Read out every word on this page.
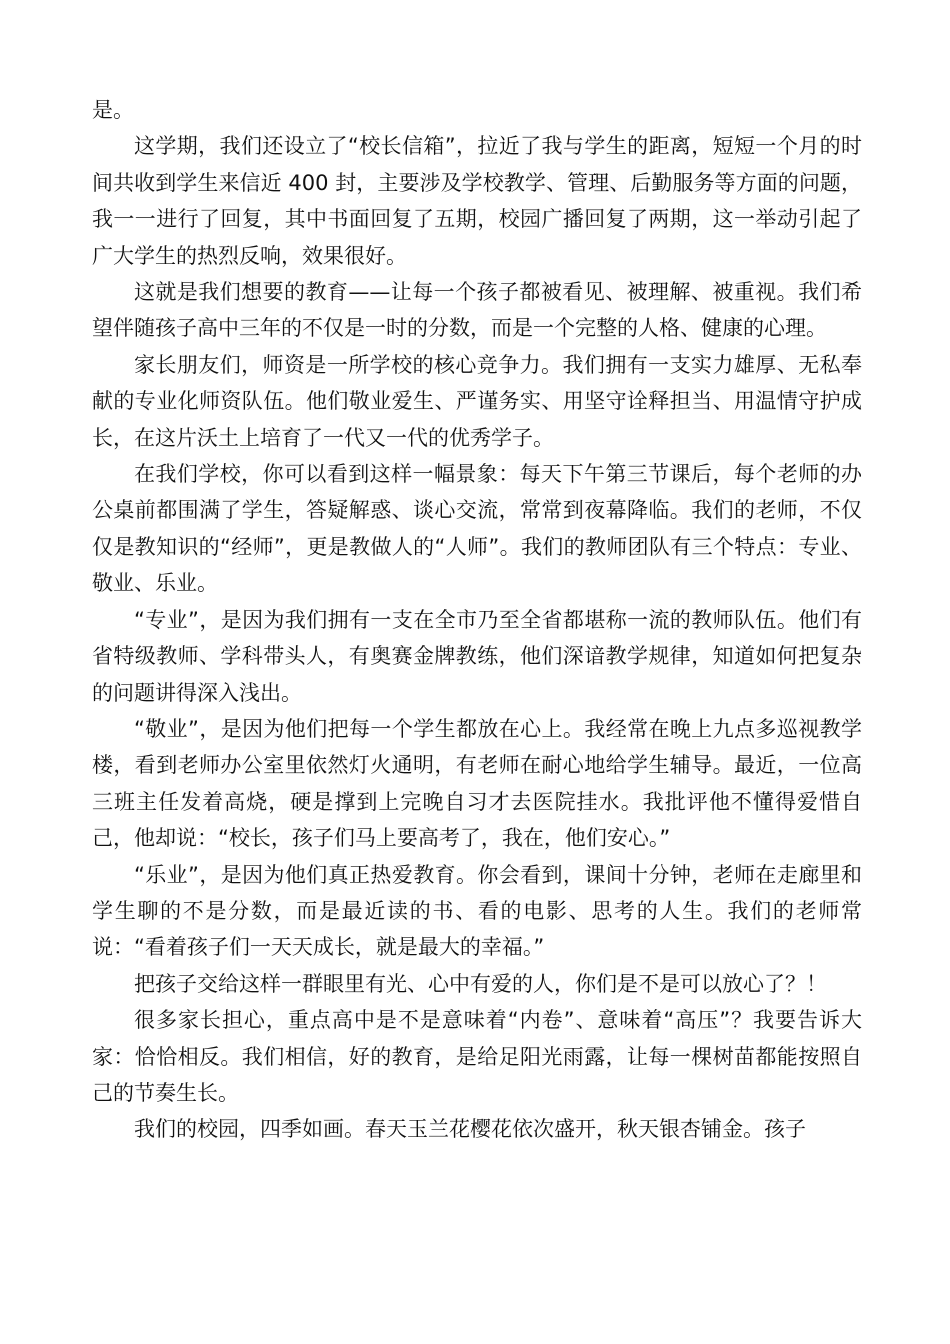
是。

这学期，我们还设立了“校长信箱”，拉近了我与学生的距离，短短一个月的时间共收到学生来信近 400 封，主要涉及学校教学、管理、后勤服务等方面的问题，我一一进行了回复，其中书面回复了五期，校园广播回复了两期，这一举动引起了广大学生的热烈反响，效果很好。

这就是我们想要的教育——让每一个孩子都被看见、被理解、被重视。我们希望伴随孩子高中三年的不仅是一时的分数，而是一个完整的人格、健康的心理。

家长朋友们，师资是一所学校的核心竞争力。我们拥有一支实力雄厚、无私奉献的专业化师资队伍。他们敬业爱生、严谨务实、用坚守诠释担当、用温情守护成长，在这片沃土上培育了一代又一代的优秀学子。

在我们学校，你可以看到这样一幅景象：每天下午第三节课后，每个老师的办公桌前都围满了学生，答疑解惑、谈心交流，常常到夜幕降临。我们的老师，不仅仅是教知识的“经师”，更是教做人的“人师”。我们的教师团队有三个特点：专业、敬业、乐业。

“专业”，是因为我们拥有一支在全市乃至全省都堪称一流的教师队伍。他们有省特级教师、学科带头人，有奥赛金牌教练，他们深谙教学规律，知道如何把复杂的问题讲得深入浅出。

“敬业”，是因为他们把每一个学生都放在心上。我经常在晚上九点多巡视教学楼，看到老师办公室里依然灯火通明，有老师在耐心地给学生辅导。最近，一位高三班主任发着高烧，硬是撑到上完晚自习才去医院挂水。我批评他不懂得爱惜自己，他却说：“校长，孩子们马上要高考了，我在，他们安心。”

“乐业”，是因为他们真正热爱教育。你会看到，课间十分钟，老师在走廊里和学生聊的不是分数，而是最近读的书、看的电影、思考的人生。我们的老师常说：“看着孩子们一天天成长，就是最大的幸福。”

把孩子交给这样一群眼里有光、心中有爱的人，你们是不是可以放心了？！

很多家长担心，重点高中是不是意味着“内卷”、意味着“高压”？我要告诉大家：恰恰相反。我们相信，好的教育，是给足阳光雨露，让每一棵树苗都能按照自己的节奏生长。

我们的校园，四季如画。春天玉兰花樱花依次盛开，秋天银杏铺金。孩子
